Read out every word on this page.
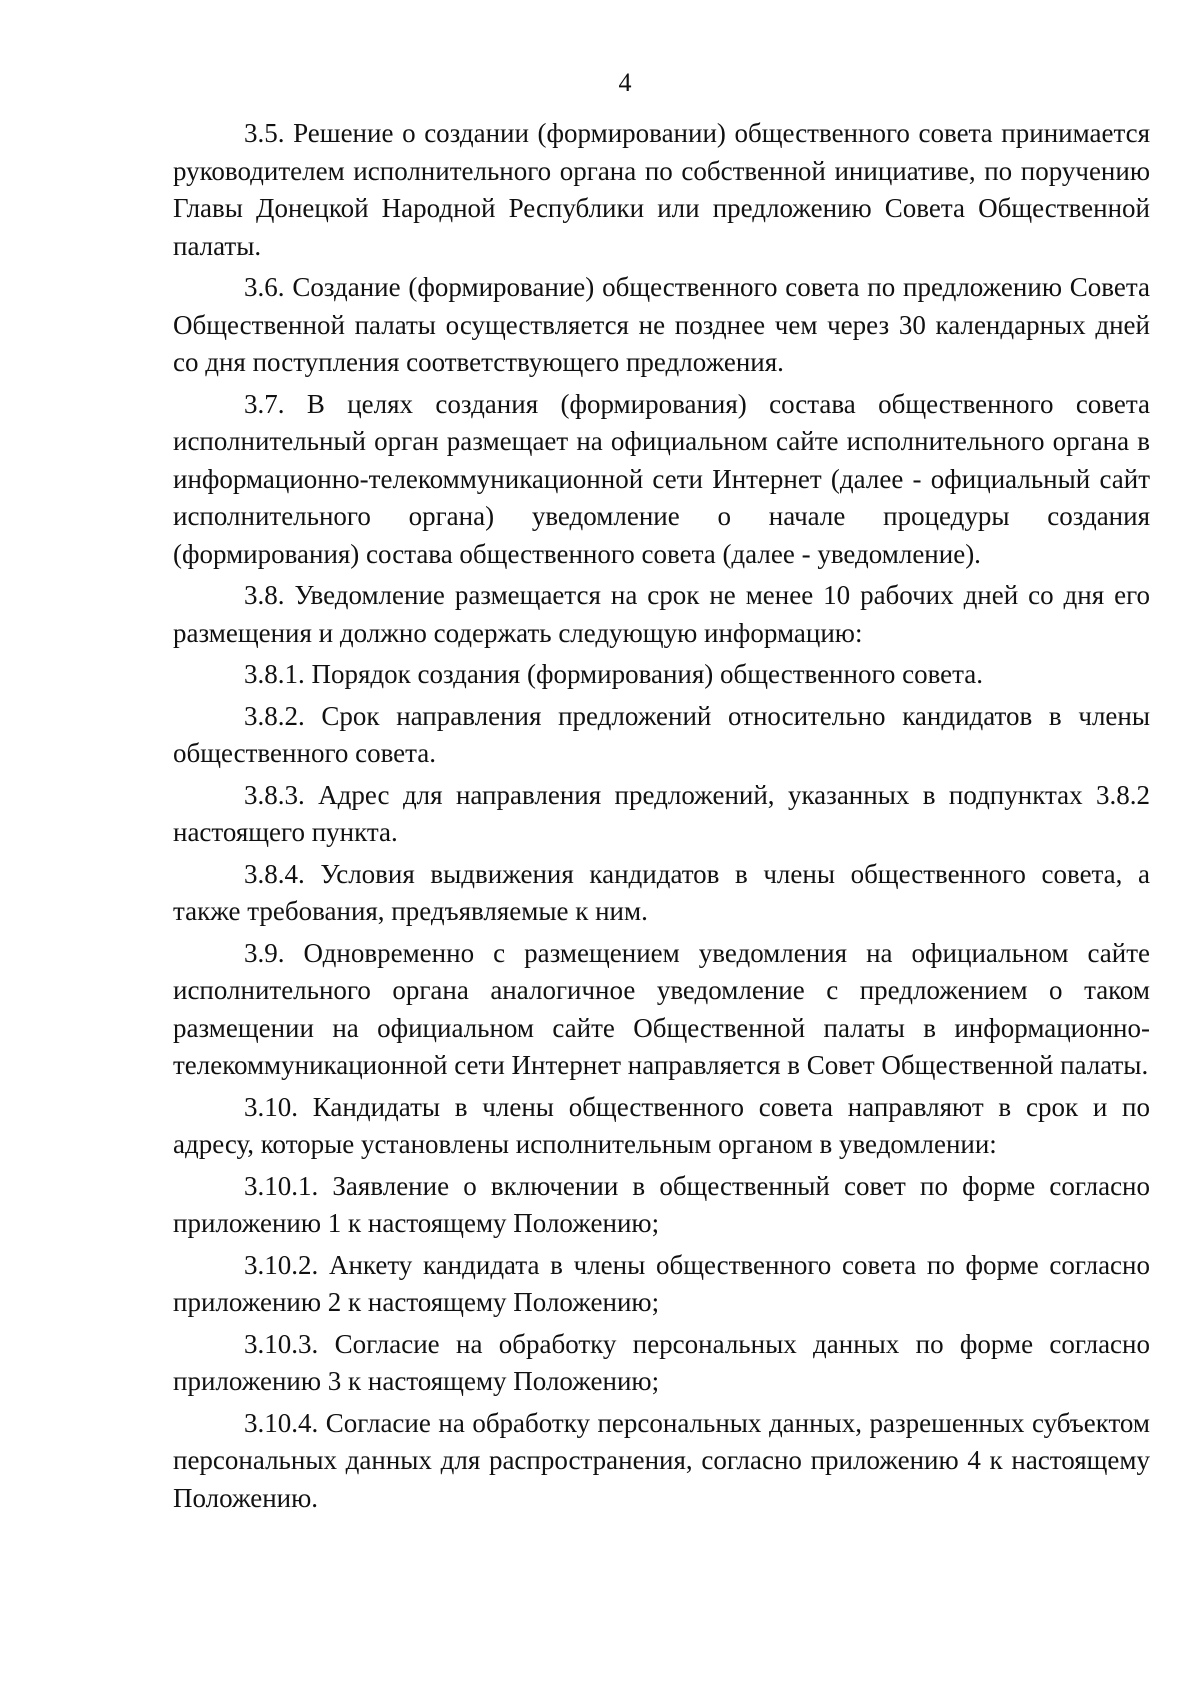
4

3.5. Решение о создании (формировании) общественного совета принимается руководителем исполнительного органа по собственной инициативе, по поручению Главы Донецкой Народной Республики или предложению Совета Общественной палаты.

3.6. Создание (формирование) общественного совета по предложению Совета Общественной палаты осуществляется не позднее чем через 30 календарных дней со дня поступления соответствующего предложения.

3.7. В целях создания (формирования) состава общественного совета исполнительный орган размещает на официальном сайте исполнительного органа в информационно-телекоммуникационной сети Интернет (далее - официальный сайт исполнительного органа) уведомление о начале процедуры создания (формирования) состава общественного совета (далее - уведомление).

3.8. Уведомление размещается на срок не менее 10 рабочих дней со дня его размещения и должно содержать следующую информацию:

3.8.1. Порядок создания (формирования) общественного совета.

3.8.2. Срок направления предложений относительно кандидатов в члены общественного совета.

3.8.3. Адрес для направления предложений, указанных в подпунктах 3.8.2 настоящего пункта.

3.8.4. Условия выдвижения кандидатов в члены общественного совета, а также требования, предъявляемые к ним.

3.9. Одновременно с размещением уведомления на официальном сайте исполнительного органа аналогичное уведомление с предложением о таком размещении на официальном сайте Общественной палаты в информационно-телекоммуникационной сети Интернет направляется в Совет Общественной палаты.

3.10. Кандидаты в члены общественного совета направляют в срок и по адресу, которые установлены исполнительным органом в уведомлении:

3.10.1. Заявление о включении в общественный совет по форме согласно приложению 1 к настоящему Положению;

3.10.2. Анкету кандидата в члены общественного совета по форме согласно приложению 2 к настоящему Положению;

3.10.3. Согласие на обработку персональных данных по форме согласно приложению 3 к настоящему Положению;

3.10.4. Согласие на обработку персональных данных, разрешенных субъектом персональных данных для распространения, согласно приложению 4 к настоящему Положению.
